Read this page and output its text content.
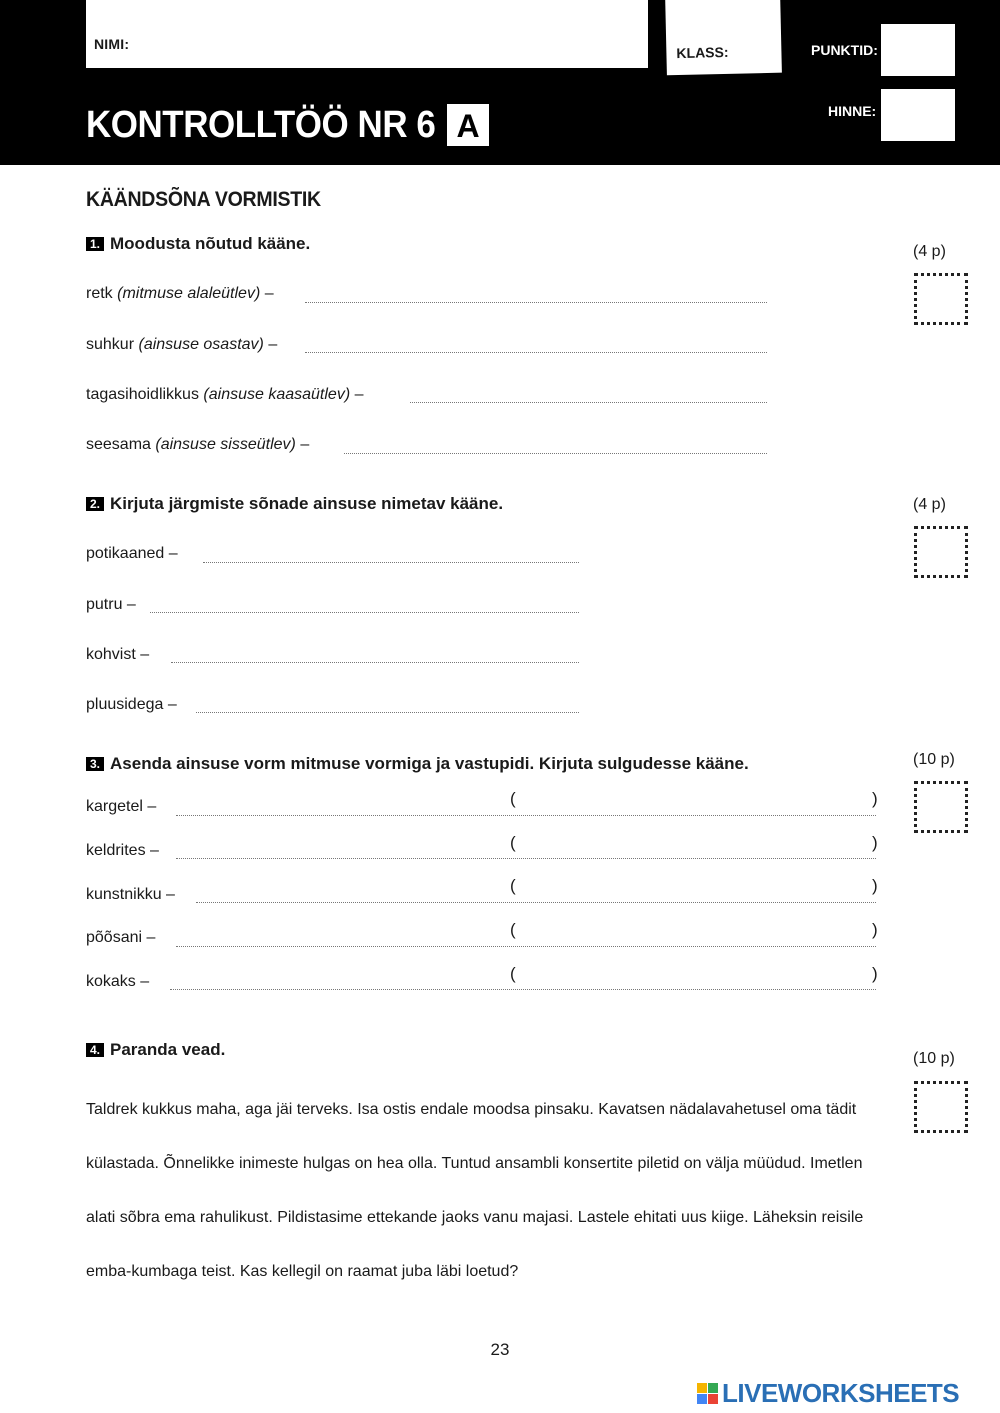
NIMI:	KLASS:	PUNKTID:
HINNE:
KONTROLLTÖÖ NR 6 A
KÄÄNDSÕNA VORMISTIK
1. Moodusta nõutud kääne.	(4 p)
retk (mitmuse alaleütlev) –
suhkur (ainsuse osastav) –
tagasihoidlikkus (ainsuse kaasaütlev) –
seesama (ainsuse sisseütlev) –
2. Kirjuta järgmiste sõnade ainsuse nimetav kääne.	(4 p)
potikaaned –
putru –
kohvist –
pluusidega –
3. Asenda ainsuse vorm mitmuse vormiga ja vastupidi. Kirjuta sulgudesse kääne.	(10 p)
kargetel –	(	)
keldrites –	(	)
kunstnikku –	(	)
põõsani –	(	)
kokaks –	(	)
4. Paranda vead.	(10 p)
Taldrek kukkus maha, aga jäi terveks. Isa ostis endale moodsa pinsaku. Kavatsen nädalavahetusel oma tädit külastada. Õnnelikke inimeste hulgas on hea olla. Tuntud ansambli konsertite piletid on välja müüdud. Imetlen alati sõbra ema rahulikust. Pildistasime ettekande jaoks vanu majasi. Lastele ehitati uus kiige. Läheksin reisile emba-kumbaga teist. Kas kellegil on raamat juba läbi loetud?
23
LIVEWORKSHEETS
